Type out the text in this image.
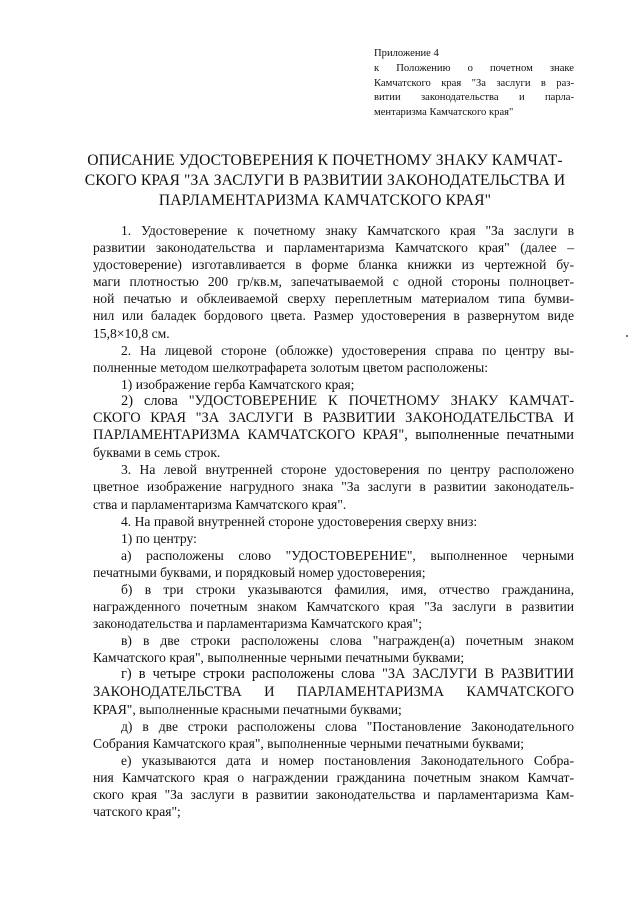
Приложение 4
к Положению о почетном знаке
Камчатского края "За заслуги в раз-
витии законодательства и парла-
ментаризма Камчатского края"
ОПИСАНИЕ УДОСТОВЕРЕНИЯ К ПОЧЕТНОМУ ЗНАКУ КАМЧАТ-
СКОГО КРАЯ "ЗА ЗАСЛУГИ В РАЗВИТИИ ЗАКОНОДАТЕЛЬСТВА И
ПАРЛАМЕНТАРИЗМА КАМЧАТСКОГО КРАЯ"
1. Удостоверение к почетному знаку Камчатского края "За заслуги в
развитии законодательства и парламентаризма Камчатского края" (далее –
удостоверение) изготавливается в форме бланка книжки из чертежной бу-
маги плотностью 200 гр/кв.м, запечатываемой с одной стороны полноцвет-
ной печатью и обклеиваемой сверху переплетным материалом типа бумви-
нил или баладек бордового цвета. Размер удостоверения в развернутом виде
15,8×10,8 см.
2. На лицевой стороне (обложке) удостоверения справа по центру вы-
полненные методом шелкотрафарета золотым цветом расположены:
1) изображение герба Камчатского края;
2) слова "УДОСТОВЕРЕНИЕ К ПОЧЕТНОМУ ЗНАКУ КАМЧАТ-
СКОГО КРАЯ "ЗА ЗАСЛУГИ В РАЗВИТИИ ЗАКОНОДАТЕЛЬСТВА И
ПАРЛАМЕНТАРИЗМА КАМЧАТСКОГО КРАЯ", выполненные печатными
буквами в семь строк.
3. На левой внутренней стороне удостоверения по центру расположено
цветное изображение нагрудного знака "За заслуги в развитии законодатель-
ства и парламентаризма Камчатского края".
4. На правой внутренней стороне удостоверения сверху вниз:
1) по центру:
а) расположены слово "УДОСТОВЕРЕНИЕ", выполненное черными
печатными буквами, и порядковый номер удостоверения;
б) в три строки указываются фамилия, имя, отчество гражданина,
награжденного почетным знаком Камчатского края "За заслуги в развитии
законодательства и парламентаризма Камчатского края";
в) в две строки расположены слова "награжден(а) почетным знаком
Камчатского края", выполненные черными печатными буквами;
г) в четыре строки расположены слова "ЗА ЗАСЛУГИ В РАЗВИТИИ
ЗАКОНОДАТЕЛЬСТВА И ПАРЛАМЕНТАРИЗМА КАМЧАТСКОГО
КРАЯ", выполненные красными печатными буквами;
д) в две строки расположены слова "Постановление Законодательного
Собрания Камчатского края", выполненные черными печатными буквами;
е) указываются дата и номер постановления Законодательного Собра-
ния Камчатского края о награждении гражданина почетным знаком Камчат-
ского края "За заслуги в развитии законодательства и парламентаризма Кам-
чатского края";
